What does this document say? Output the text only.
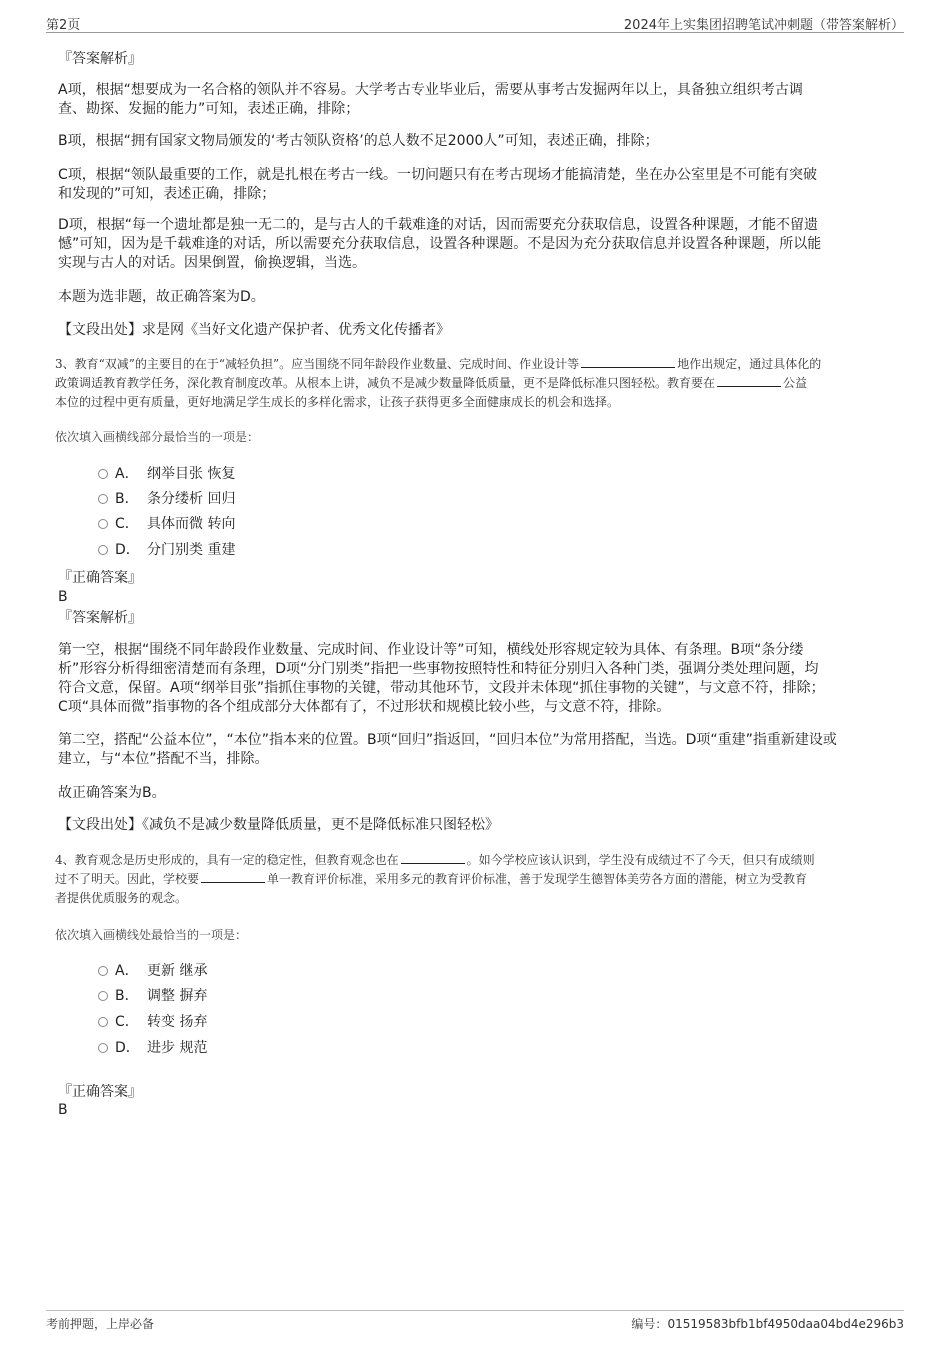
第2页	2024年上实集团招聘笔试冲刺题（带答案解析）
『答案解析』
A项，根据“想要成为一名合格的领队并不容易。大学考古专业毕业后，需要从事考古发掘两年以上，具备独立组织考古调
查、勘探、发掘的能力”可知，表述正确，排除；
B项，根据“拥有国家文物局颁发的‘考古领队资格’的总人数不足2000人”可知，表述正确，排除；
C项，根据“领队最重要的工作，就是扎根在考古一线。一切问题只有在考古现场才能搞清楚，坐在办公室里是不可能有突破
和发现的”可知，表述正确，排除；
D项，根据“每一个遗址都是独一无二的，是与古人的千载难逢的对话，因而需要充分获取信息，设置各种课题，才能不留遗
憾”可知，因为是千载难逢的对话，所以需要充分获取信息，设置各种课题。不是因为充分获取信息并设置各种课题，所以能
实现与古人的对话。因果倒置，偷换逻辑，当选。
本题为选非题，故正确答案为D。
【文段出处】求是网《当好文化遗产保护者、优秀文化传播者》
3、教育“双减”的主要目的在于“减轻负担”。应当围绕不同年龄段作业数量、完成时间、作业设计等	地作出规定，通过具体化的
政策调适教育教学任务，深化教育制度改革。从根本上讲，减负不是减少数量降低质量，更不是降低标准只图轻松。教育要在	公益
本位的过程中更有质量，更好地满足学生成长的多样化需求，让孩子获得更多全面健康成长的机会和选择。
依次填入画横线部分最恰当的一项是：
A． 纲举目张 恢复
B． 条分缕析 回归
C． 具体而微 转向
D． 分门别类 重建
『正确答案』
B
『答案解析』
第一空，根据“围绕不同年龄段作业数量、完成时间、作业设计等”可知，横线处形容规定较为具体、有条理。B项“条分缕
析”形容分析得细密清楚而有条理，D项“分门别类”指把一些事物按照特性和特征分别归入各种门类，强调分类处理问题，均
符合文意，保留。A项“纲举目张”指抓住事物的关键，带动其他环节，文段并未体现“抓住事物的关键”，与文意不符，排除；
C项“具体而微”指事物的各个组成部分大体都有了，不过形状和规模比较小些，与文意不符，排除。
第二空，搭配“公益本位”，“本位”指本来的位置。B项“回归”指返回，“回归本位”为常用搭配，当选。D项“重建”指重新建设或
建立，与“本位”搭配不当，排除。
故正确答案为B。
【文段出处】《减负不是减少数量降低质量，更不是降低标准只图轻松》
4、教育观念是历史形成的，具有一定的稳定性，但教育观念也在	。如今学校应该认识到，学生没有成绩过不了今天，但只有成绩则
过不了明天。因此，学校要	单一教育评价标准，采用多元的教育评价标准，善于发现学生德智体美劳各方面的潜能，树立为受教育
者提供优质服务的观念。
依次填入画横线处最恰当的一项是：
A． 更新 继承
B． 调整 摒弃
C． 转变 扬弃
D． 进步 规范
『正确答案』
B
考前押题，上岸必备	编号：01519583bfb1bf4950daa04bd4e296b3
